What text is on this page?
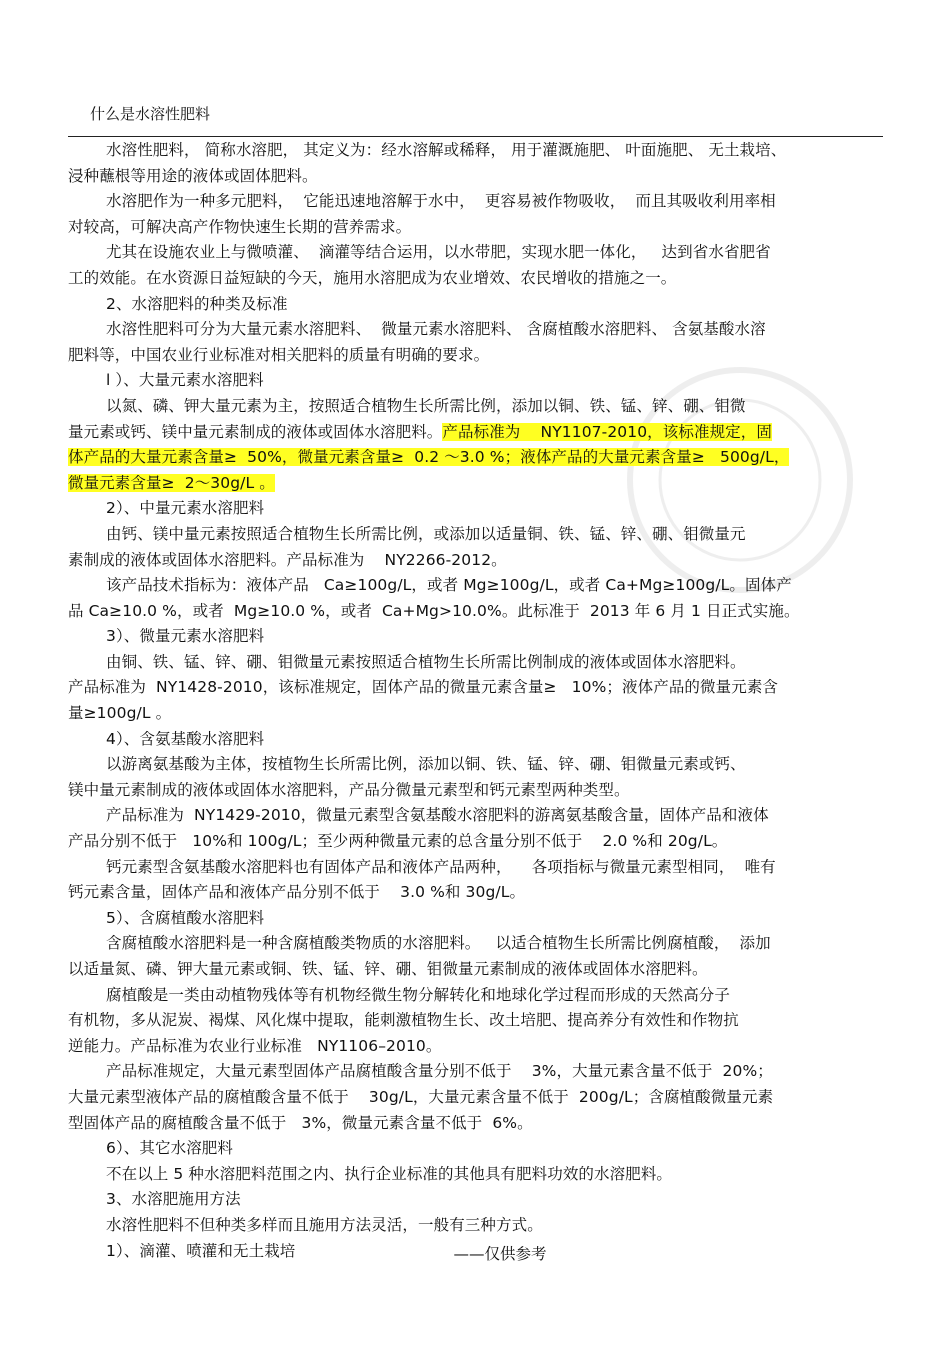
什么是水溶性肥料
水溶性肥料， 简称水溶肥， 其定义为：经水溶解或稀释， 用于灌溉施肥、 叶面施肥、 无土栽培、
浸种蘸根等用途的液体或固体肥料。
水溶肥作为一种多元肥料，  它能迅速地溶解于水中，  更容易被作物吸收，  而且其吸收利用率相
对较高，可解决高产作物快速生长期的营养需求。
尤其在设施农业上与微喷灌、  滴灌等结合运用，以水带肥，实现水肥一体化，   达到省水省肥省
工的效能。在水资源日益短缺的今天，施用水溶肥成为农业增效、农民增收的措施之一。
2、水溶肥料的种类及标准
水溶性肥料可分为大量元素水溶肥料、  微量元素水溶肥料、 含腐植酸水溶肥料、 含氨基酸水溶
肥料等，中国农业行业标准对相关肥料的质量有明确的要求。
l ）、大量元素水溶肥料
以氮、磷、钾大量元素为主，按照适合植物生长所需比例，添加以铜、铁、锰、锌、硼、钼微
量元素或钙、镁中量元素制成的液体或固体水溶肥料。产品标准为    NY1107-2010，该标准规定，固
体产品的大量元素含量≥  50%，微量元素含量≥  0.2 ～3.0 %；液体产品的大量元素含量≥   500g/L，
微量元素含量≥  2～30g/L 。
2）、中量元素水溶肥料
由钙、镁中量元素按照适合植物生长所需比例，或添加以适量铜、铁、锰、锌、硼、钼微量元
素制成的液体或固体水溶肥料。产品标准为    NY2266-2012。
该产品技术指标为：液体产品   Ca≥100g/L，或者 Mg≥100g/L，或者 Ca+Mg≥100g/L。固体产
品 Ca≥10.0 %，或者  Mg≥10.0 %，或者  Ca+Mg>10.0%。此标准于  2013 年 6 月 1 日正式实施。
3）、微量元素水溶肥料
由铜、铁、锰、锌、硼、钼微量元素按照适合植物生长所需比例制成的液体或固体水溶肥料。
产品标准为  NY1428-2010，该标准规定，固体产品的微量元素含量≥   10%；液体产品的微量元素含
量≥100g/L 。
4）、含氨基酸水溶肥料
以游离氨基酸为主体，按植物生长所需比例，添加以铜、铁、锰、锌、硼、钼微量元素或钙、
镁中量元素制成的液体或固体水溶肥料，产品分微量元素型和钙元素型两种类型。
产品标准为  NY1429-2010，微量元素型含氨基酸水溶肥料的游离氨基酸含量，固体产品和液体
产品分别不低于   10%和 100g/L；至少两种微量元素的总含量分别不低于    2.0 %和 20g/L。
钙元素型含氨基酸水溶肥料也有固体产品和液体产品两种，    各项指标与微量元素型相同，  唯有
钙元素含量，固体产品和液体产品分别不低于    3.0 %和 30g/L。
5）、含腐植酸水溶肥料
含腐植酸水溶肥料是一种含腐植酸类物质的水溶肥料。   以适合植物生长所需比例腐植酸，  添加
以适量氮、磷、钾大量元素或铜、铁、锰、锌、硼、钼微量元素制成的液体或固体水溶肥料。
腐植酸是一类由动植物残体等有机物经微生物分解转化和地球化学过程而形成的天然高分子
有机物，多从泥炭、褐煤、风化煤中提取，能刺激植物生长、改土培肥、提高养分有效性和作物抗
逆能力。产品标准为农业行业标准   NY1106–2010。
产品标准规定，大量元素型固体产品腐植酸含量分别不低于    3%，大量元素含量不低于  20%；
大量元素型液体产品的腐植酸含量不低于    30g/L，大量元素含量不低于  200g/L；含腐植酸微量元素
型固体产品的腐植酸含量不低于   3%，微量元素含量不低于  6%。
6）、其它水溶肥料
不在以上 5 种水溶肥料范围之内、执行企业标准的其他具有肥料功效的水溶肥料。
3、水溶肥施用方法
水溶性肥料不但种类多样而且施用方法灵活，一般有三种方式。
1）、滴灌、喷灌和无土栽培	——仅供参考
